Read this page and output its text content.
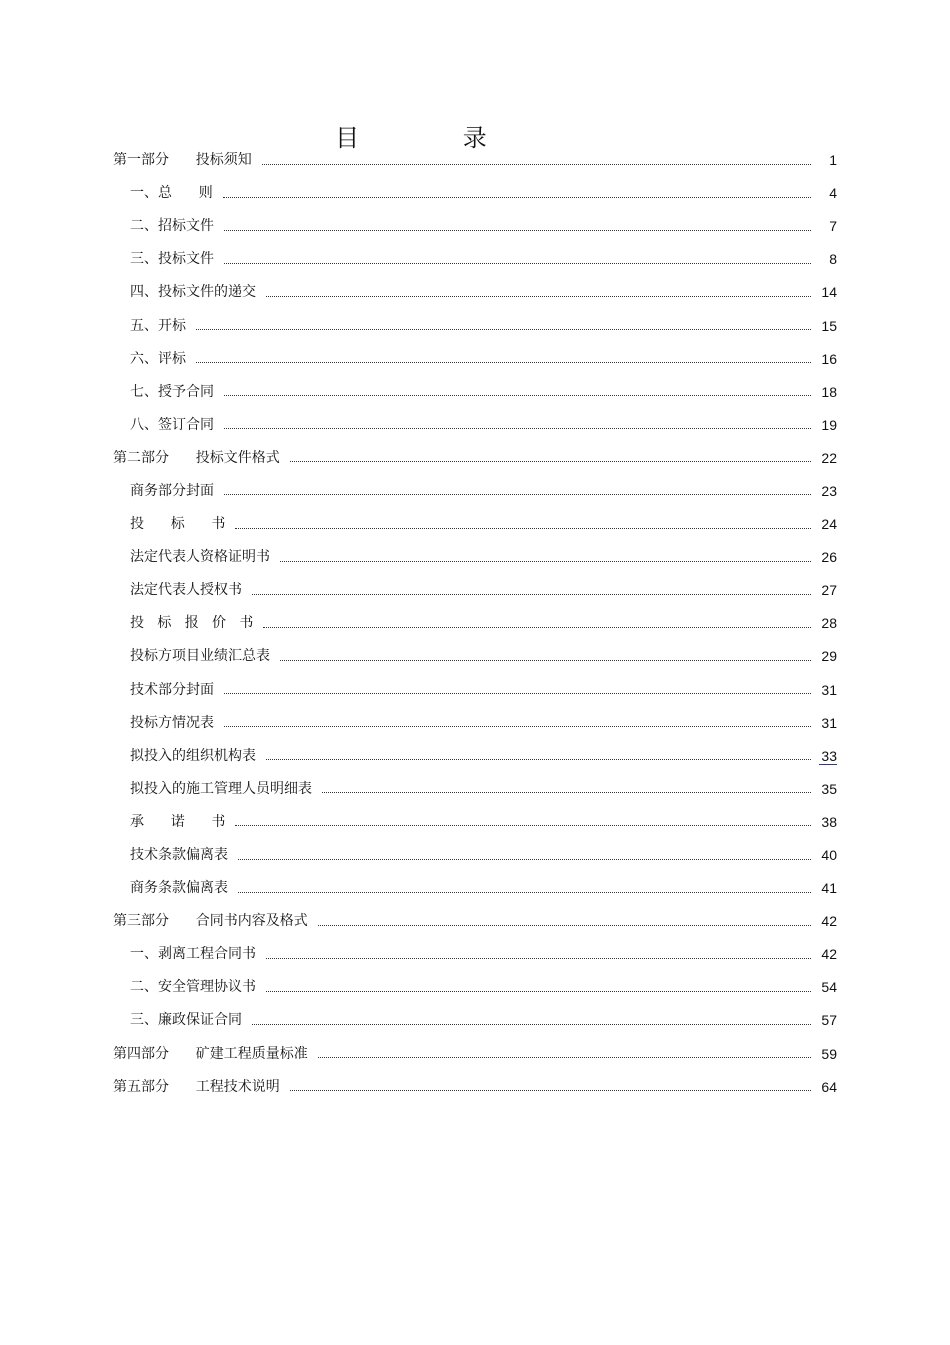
目 录
第一部分      投标须知	1
一、总      则	4
二、招标文件	7
三、投标文件	8
四、投标文件的递交	14
五、开标	15
六、评标	16
七、授予合同	18
八、签订合同	19
第二部分      投标文件格式	22
商务部分封面	23
投      标      书	24
法定代表人资格证明书	26
法定代表人授权书	27
投   标   报   价   书	28
投标方项目业绩汇总表	29
技术部分封面	31
投标方情况表	31
拟投入的组织机构表	33
拟投入的施工管理人员明细表	35
承      诺      书	38
技术条款偏离表	40
商务条款偏离表	41
第三部分      合同书内容及格式	42
一、剥离工程合同书	42
二、安全管理协议书	54
三、廉政保证合同	57
第四部分      矿建工程质量标准	59
第五部分      工程技术说明	64
